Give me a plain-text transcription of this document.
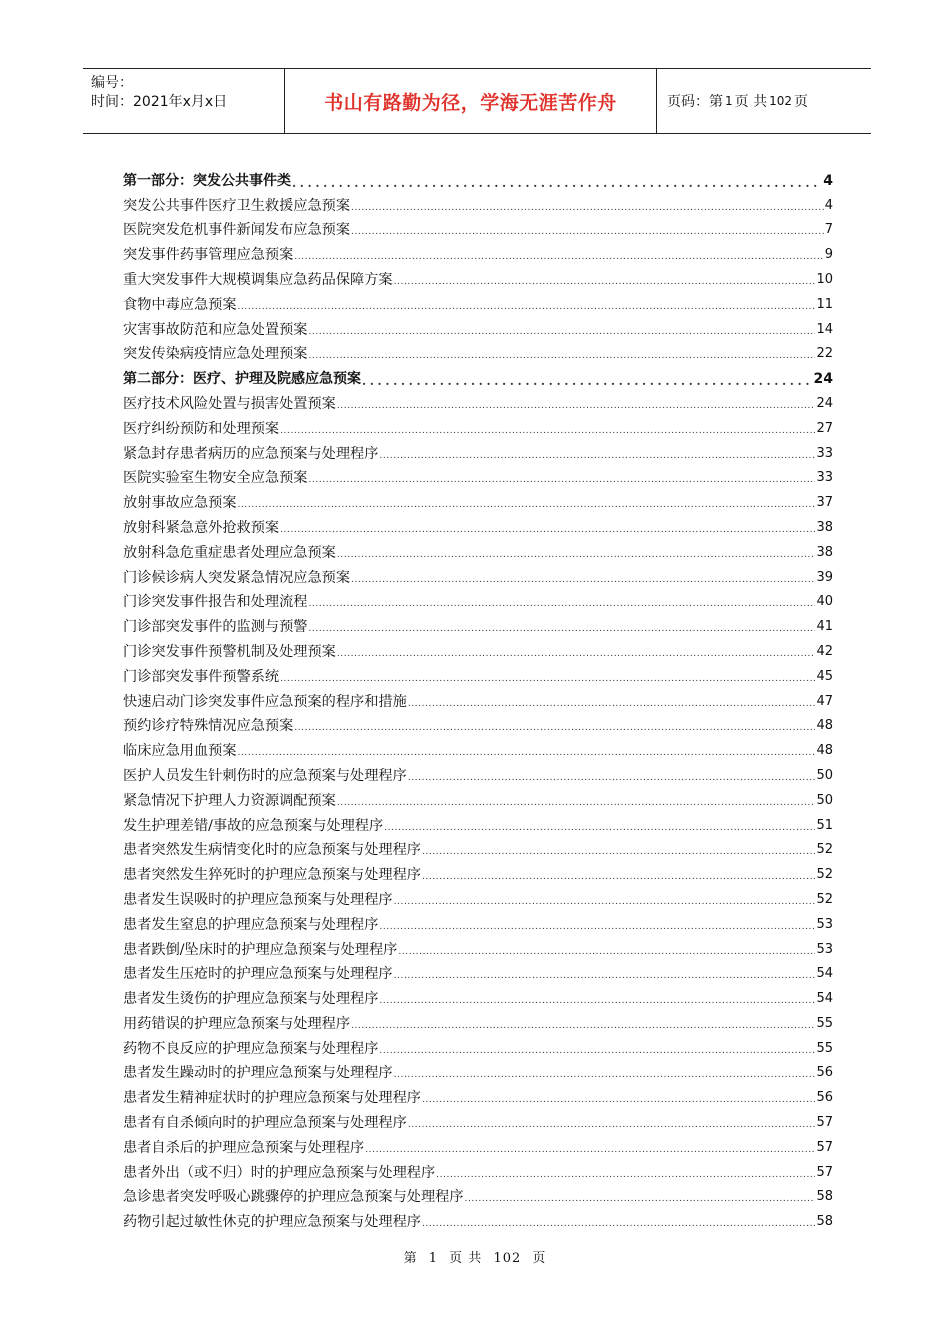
编号：
时间：2021年x月x日	书山有路勤为径，学海无涯苦作舟	页码：第 1 页 共 102 页
第一部分：突发公共事件类 .....	4
突发公共事件医疗卫生救援应急预案 .....	4
医院突发危机事件新闻发布应急预案 .....	7
突发事件药事管理应急预案 .....	9
重大突发事件大规模调集应急药品保障方案 .....	10
食物中毒应急预案 .....	11
灾害事故防范和应急处置预案 .....	14
突发传染病疫情应急处理预案 .....	22
第二部分：医疗、护理及院感应急预案 .....	24
医疗技术风险处置与损害处置预案 .....	24
医疗纠纷预防和处理预案 .....	27
紧急封存患者病历的应急预案与处理程序 .....	33
医院实验室生物安全应急预案 .....	33
放射事故应急预案 .....	37
放射科紧急意外抢救预案 .....	38
放射科急危重症患者处理应急预案 .....	38
门诊候诊病人突发紧急情况应急预案 .....	39
门诊突发事件报告和处理流程 .....	40
门诊部突发事件的监测与预警 .....	41
门诊突发事件预警机制及处理预案 .....	42
门诊部突发事件预警系统 .....	45
快速启动门诊突发事件应急预案的程序和措施 .....	47
预约诊疗特殊情况应急预案 .....	48
临床应急用血预案 .....	48
医护人员发生针刺伤时的应急预案与处理程序 .....	50
紧急情况下护理人力资源调配预案 .....	50
发生护理差错/事故的应急预案与处理程序 .....	51
患者突然发生病情变化时的应急预案与处理程序 .....	52
患者突然发生猝死时的护理应急预案与处理程序 .....	52
患者发生误吸时的护理应急预案与处理程序 .....	52
患者发生窒息的护理应急预案与处理程序 .....	53
患者跌倒/坠床时的护理应急预案与处理程序 .....	53
患者发生压疮时的护理应急预案与处理程序 .....	54
患者发生烫伤的护理应急预案与处理程序 .....	54
用药错误的护理应急预案与处理程序 .....	55
药物不良反应的护理应急预案与处理程序 .....	55
患者发生躁动时的护理应急预案与处理程序 .....	56
患者发生精神症状时的护理应急预案与处理程序 .....	56
患者有自杀倾向时的护理应急预案与处理程序 .....	57
患者自杀后的护理应急预案与处理程序 .....	57
患者外出（或不归）时的护理应急预案与处理程序 .....	57
急诊患者突发呼吸心跳骤停的护理应急预案与处理程序 .....	58
药物引起过敏性休克的护理应急预案与处理程序 .....	58
第 1 页 共 102 页
